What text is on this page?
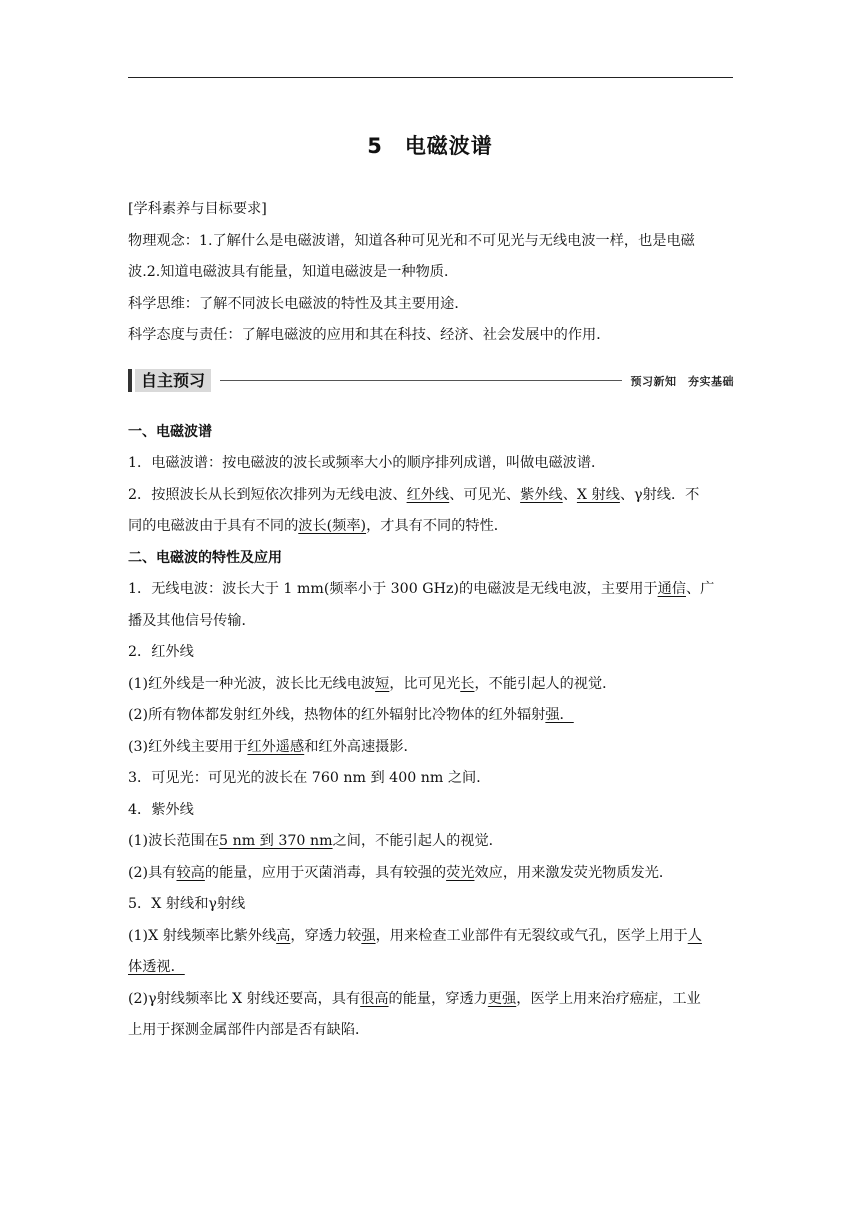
5 电磁波谱

[学科素养与目标要求]

物理观念：1.了解什么是电磁波谱，知道各种可见光和不可见光与无线电波一样，也是电磁

波.2.知道电磁波具有能量，知道电磁波是一种物质．

科学思维：了解不同波长电磁波的特性及其主要用途．

科学态度与责任：了解电磁波的应用和其在科技、经济、社会发展中的作用．

自主预习	预习新知　夯实基础

一、电磁波谱

1．电磁波谱：按电磁波的波长或频率大小的顺序排列成谱，叫做电磁波谱．

2．按照波长从长到短依次排列为无线电波、红外线、可见光、紫外线、X 射线、γ射线．不

同的电磁波由于具有不同的波长(频率)，才具有不同的特性．

二、电磁波的特性及应用

1．无线电波：波长大于 1 mm(频率小于 300 GHz)的电磁波是无线电波，主要用于通信、广

播及其他信号传输．

2．红外线

(1)红外线是一种光波，波长比无线电波短，比可见光长，不能引起人的视觉．

(2)所有物体都发射红外线，热物体的红外辐射比冷物体的红外辐射强．

(3)红外线主要用于红外遥感和红外高速摄影．

3．可见光：可见光的波长在 760 nm 到 400 nm 之间．

4．紫外线

(1)波长范围在5 nm 到 370 nm之间，不能引起人的视觉．

(2)具有较高的能量，应用于灭菌消毒，具有较强的荧光效应，用来激发荧光物质发光．

5．X 射线和γ射线

(1)X 射线频率比紫外线高，穿透力较强，用来检查工业部件有无裂纹或气孔，医学上用于人

体透视．

(2)γ射线频率比 X 射线还要高，具有很高的能量，穿透力更强，医学上用来治疗癌症，工业

上用于探测金属部件内部是否有缺陷．
